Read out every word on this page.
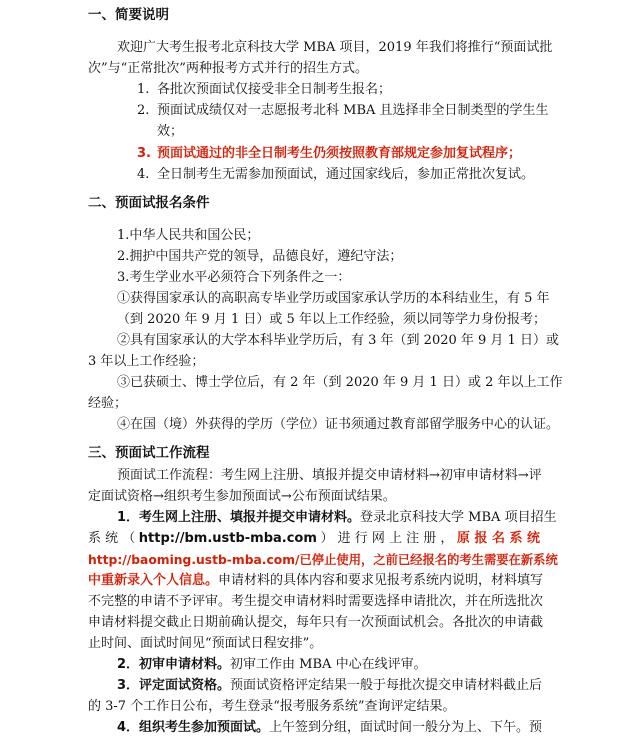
一、简要说明
欢迎广大考生报考北京科技大学 MBA 项目，2019 年我们将推行“预面试批
次”与“正常批次”两种报考方式并行的招生方式。
1. 各批次预面试仅接受非全日制考生报名；
2. 预面试成绩仅对一志愿报考北科 MBA 且选择非全日制类型的学生生
效；
3. 预面试通过的非全日制考生仍须按照教育部规定参加复试程序；
4. 全日制考生无需参加预面试，通过国家线后，参加正常批次复试。
二、预面试报名条件
1.中华人民共和国公民；
2.拥护中国共产党的领导，品德良好，遵纪守法；
3.考生学业水平必须符合下列条件之一：
①获得国家承认的高职高专毕业学历或国家承认学历的本科结业生，有 5 年
（到 2020 年 9 月 1 日）或 5 年以上工作经验，须以同等学力身份报考；
②具有国家承认的大学本科毕业学历后，有 3 年（到 2020 年 9 月 1 日）或
3 年以上工作经验；
③已获硕士、博士学位后，有 2 年（到 2020 年 9 月 1 日）或 2 年以上工作
经验；
④在国（境）外获得的学历（学位）证书须通过教育部留学服务中心的认证。
三、预面试工作流程
预面试工作流程：考生网上注册、填报并提交申请材料→初审申请材料→评
定面试资格→组织考生参加预面试→公布预面试结果。
1．考生网上注册、填报并提交申请材料。登录北京科技大学 MBA 项目招生
系 统 （ http://bm.ustb-mba.com ） 进 行 网 上 注 册 ， 原 报 名 系 统
http://baoming.ustb-mba.com/已停止使用，之前已经报名的考生需要在新系统
中重新录入个人信息。申请材料的具体内容和要求见报考系统内说明，材料填写
不完整的申请不予评审。考生提交申请材料时需要选择申请批次，并在所选批次
申请材料提交截止日期前确认提交，每年只有一次预面试机会。各批次的申请截
止时间、面试时间见“预面试日程安排”。
2．初审申请材料。初审工作由 MBA 中心在线评审。
3．评定面试资格。预面试资格评定结果一般于每批次提交申请材料截止后
的 3-7 个工作日公布，考生登录“报考服务系统”查询评定结果。
4．组织考生参加预面试。上午签到分组，面试时间一般分为上、下午。预
